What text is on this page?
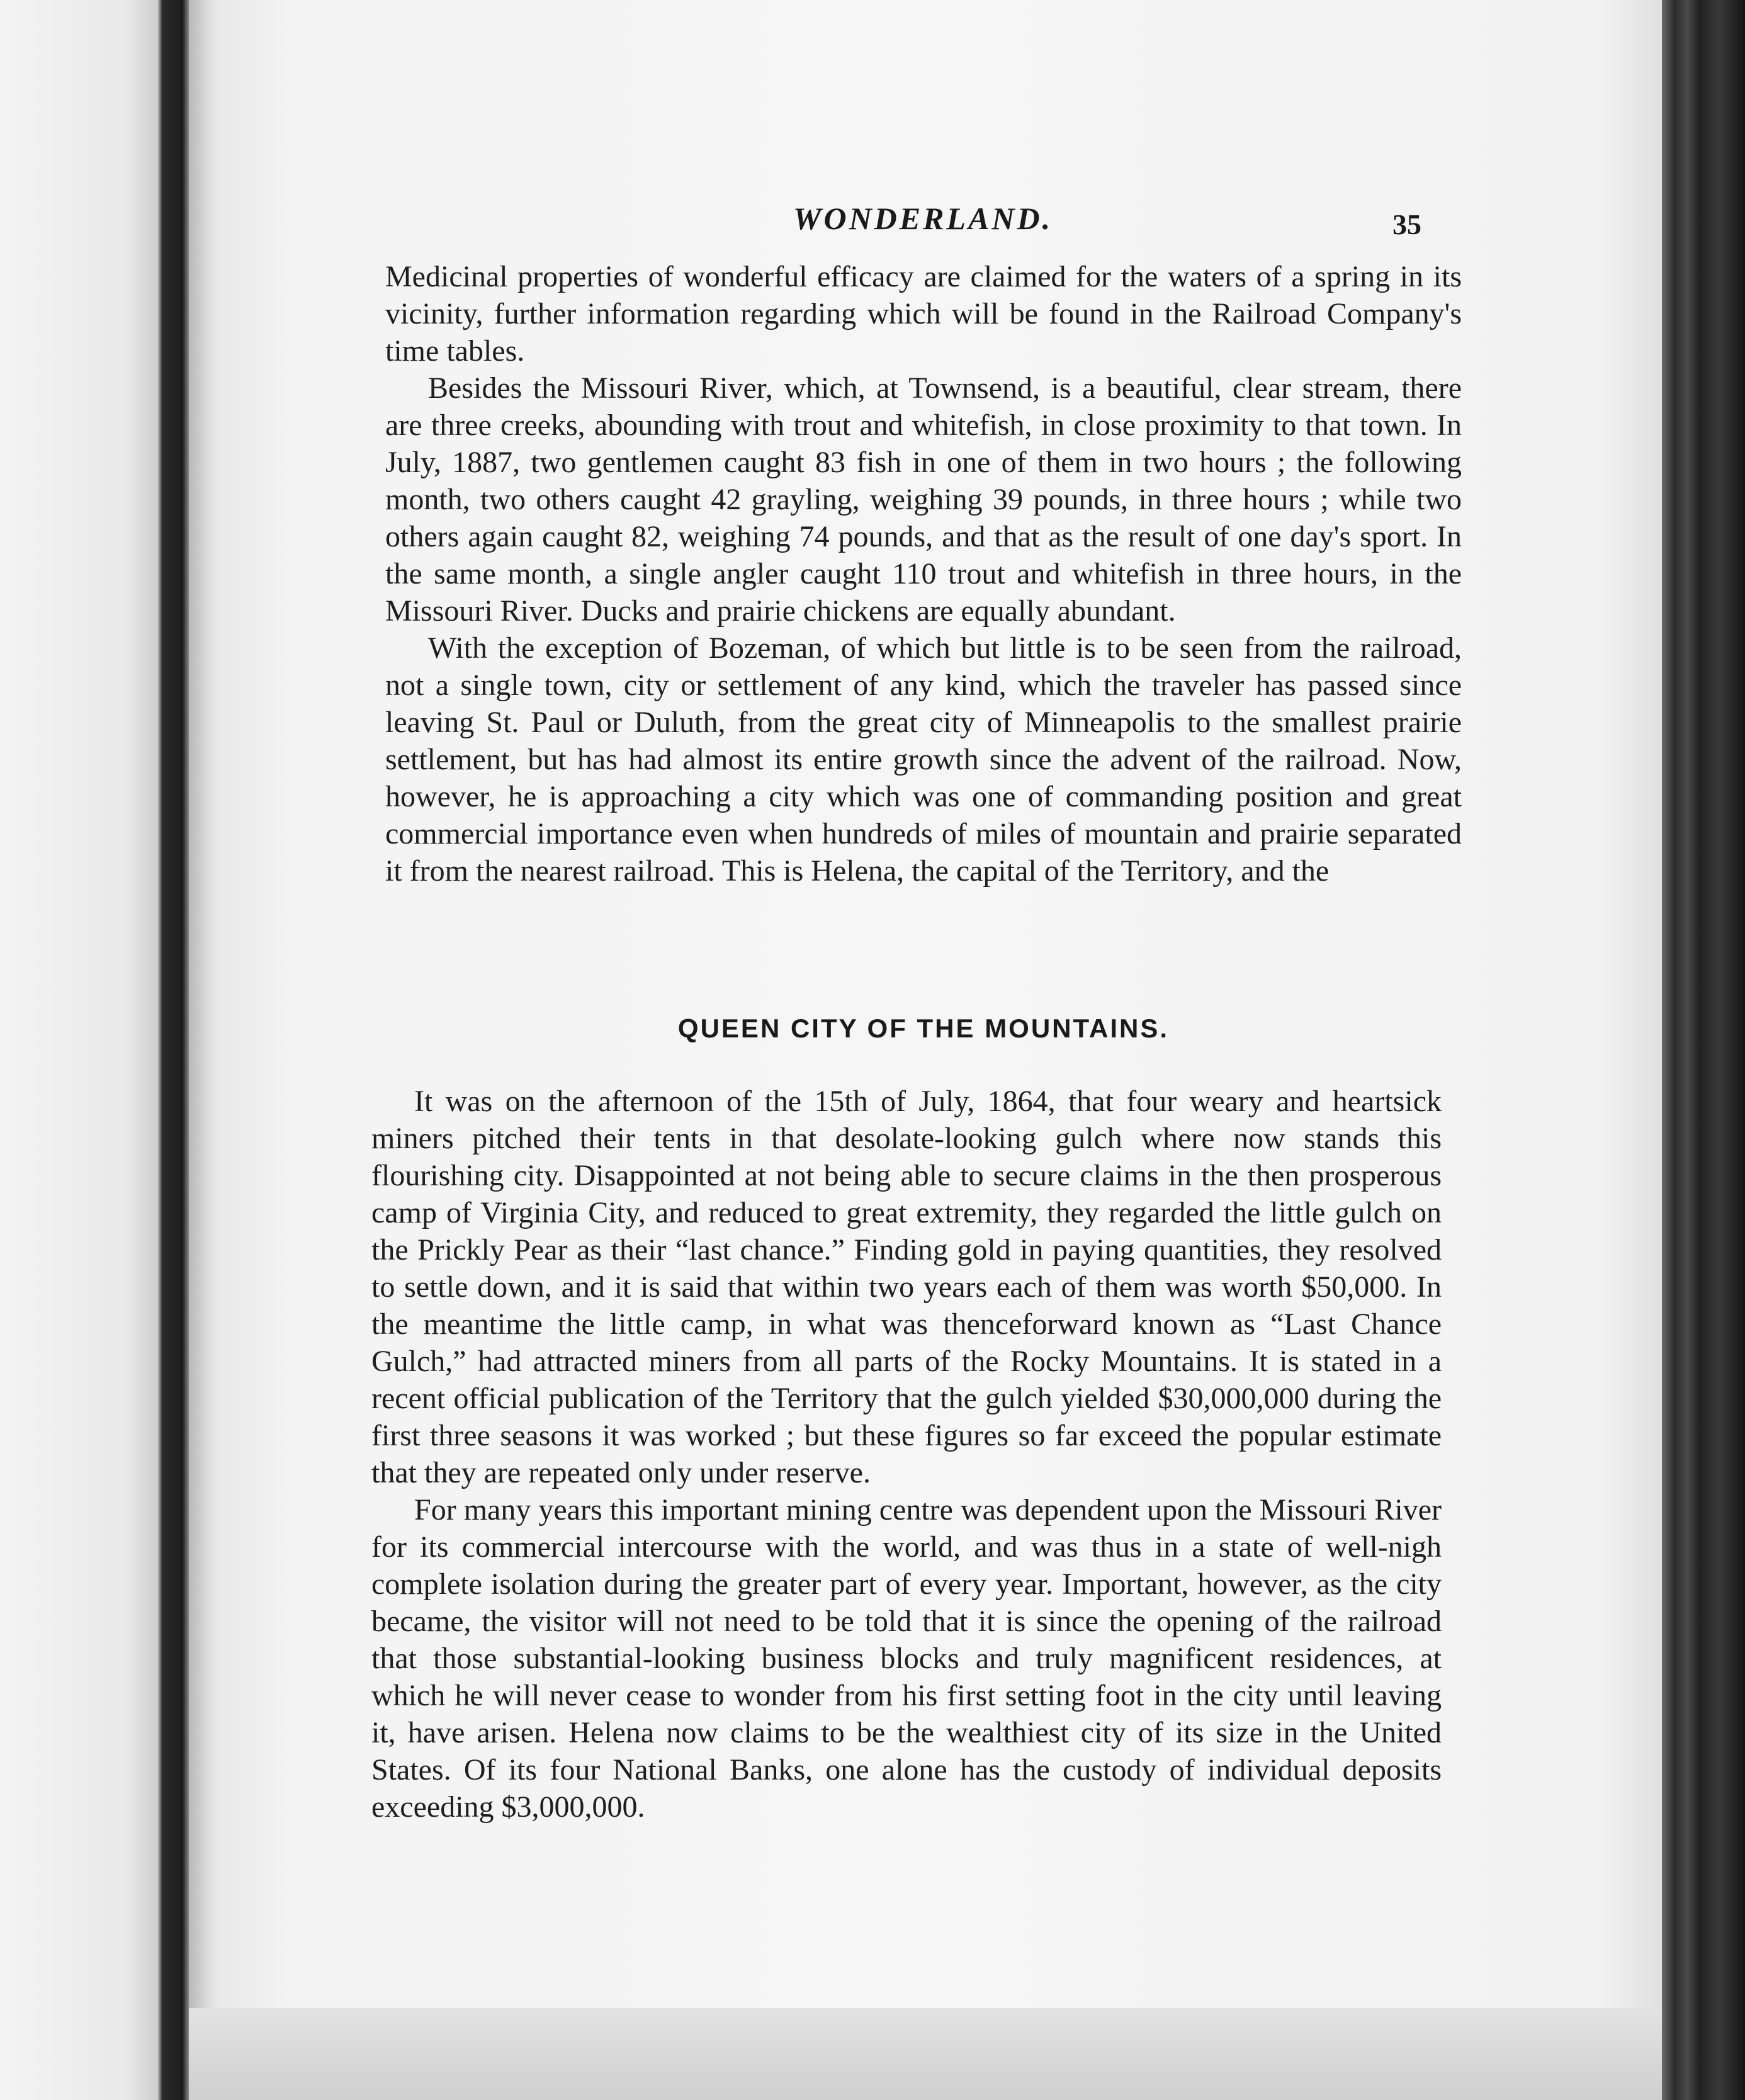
WONDERLAND.	35

Medicinal properties of wonderful efficacy are claimed for the waters of a spring in its vicinity, further information regarding which will be found in the Railroad Company's time tables.

Besides the Missouri River, which, at Townsend, is a beautiful, clear stream, there are three creeks, abounding with trout and whitefish, in close proximity to that town. In July, 1887, two gentlemen caught 83 fish in one of them in two hours ; the following month, two others caught 42 grayling, weighing 39 pounds, in three hours ; while two others again caught 82, weighing 74 pounds, and that as the result of one day's sport. In the same month, a single angler caught 110 trout and whitefish in three hours, in the Missouri River. Ducks and prairie chickens are equally abundant.

With the exception of Bozeman, of which but little is to be seen from the railroad, not a single town, city or settlement of any kind, which the traveler has passed since leaving St. Paul or Duluth, from the great city of Minneapolis to the smallest prairie settlement, but has had almost its entire growth since the advent of the railroad. Now, however, he is approaching a city which was one of commanding position and great commercial importance even when hundreds of miles of mountain and prairie separated it from the nearest railroad. This is Helena, the capital of the Territory, and the

QUEEN CITY OF THE MOUNTAINS.

It was on the afternoon of the 15th of July, 1864, that four weary and heartsick miners pitched their tents in that desolate-looking gulch where now stands this flourishing city. Disappointed at not being able to secure claims in the then prosperous camp of Virginia City, and reduced to great extremity, they regarded the little gulch on the Prickly Pear as their “last chance.” Finding gold in paying quantities, they resolved to settle down, and it is said that within two years each of them was worth $50,000. In the meantime the little camp, in what was thenceforward known as “Last Chance Gulch,” had attracted miners from all parts of the Rocky Mountains. It is stated in a recent official publication of the Territory that the gulch yielded $30,000,000 during the first three seasons it was worked ; but these figures so far exceed the popular estimate that they are repeated only under reserve.

For many years this important mining centre was dependent upon the Missouri River for its commercial intercourse with the world, and was thus in a state of well-nigh complete isolation during the greater part of every year. Important, however, as the city became, the visitor will not need to be told that it is since the opening of the railroad that those substantial-looking business blocks and truly magnificent residences, at which he will never cease to wonder from his first setting foot in the city until leaving it, have arisen. Helena now claims to be the wealthiest city of its size in the United States. Of its four National Banks, one alone has the custody of individual deposits exceeding $3,000,000.
